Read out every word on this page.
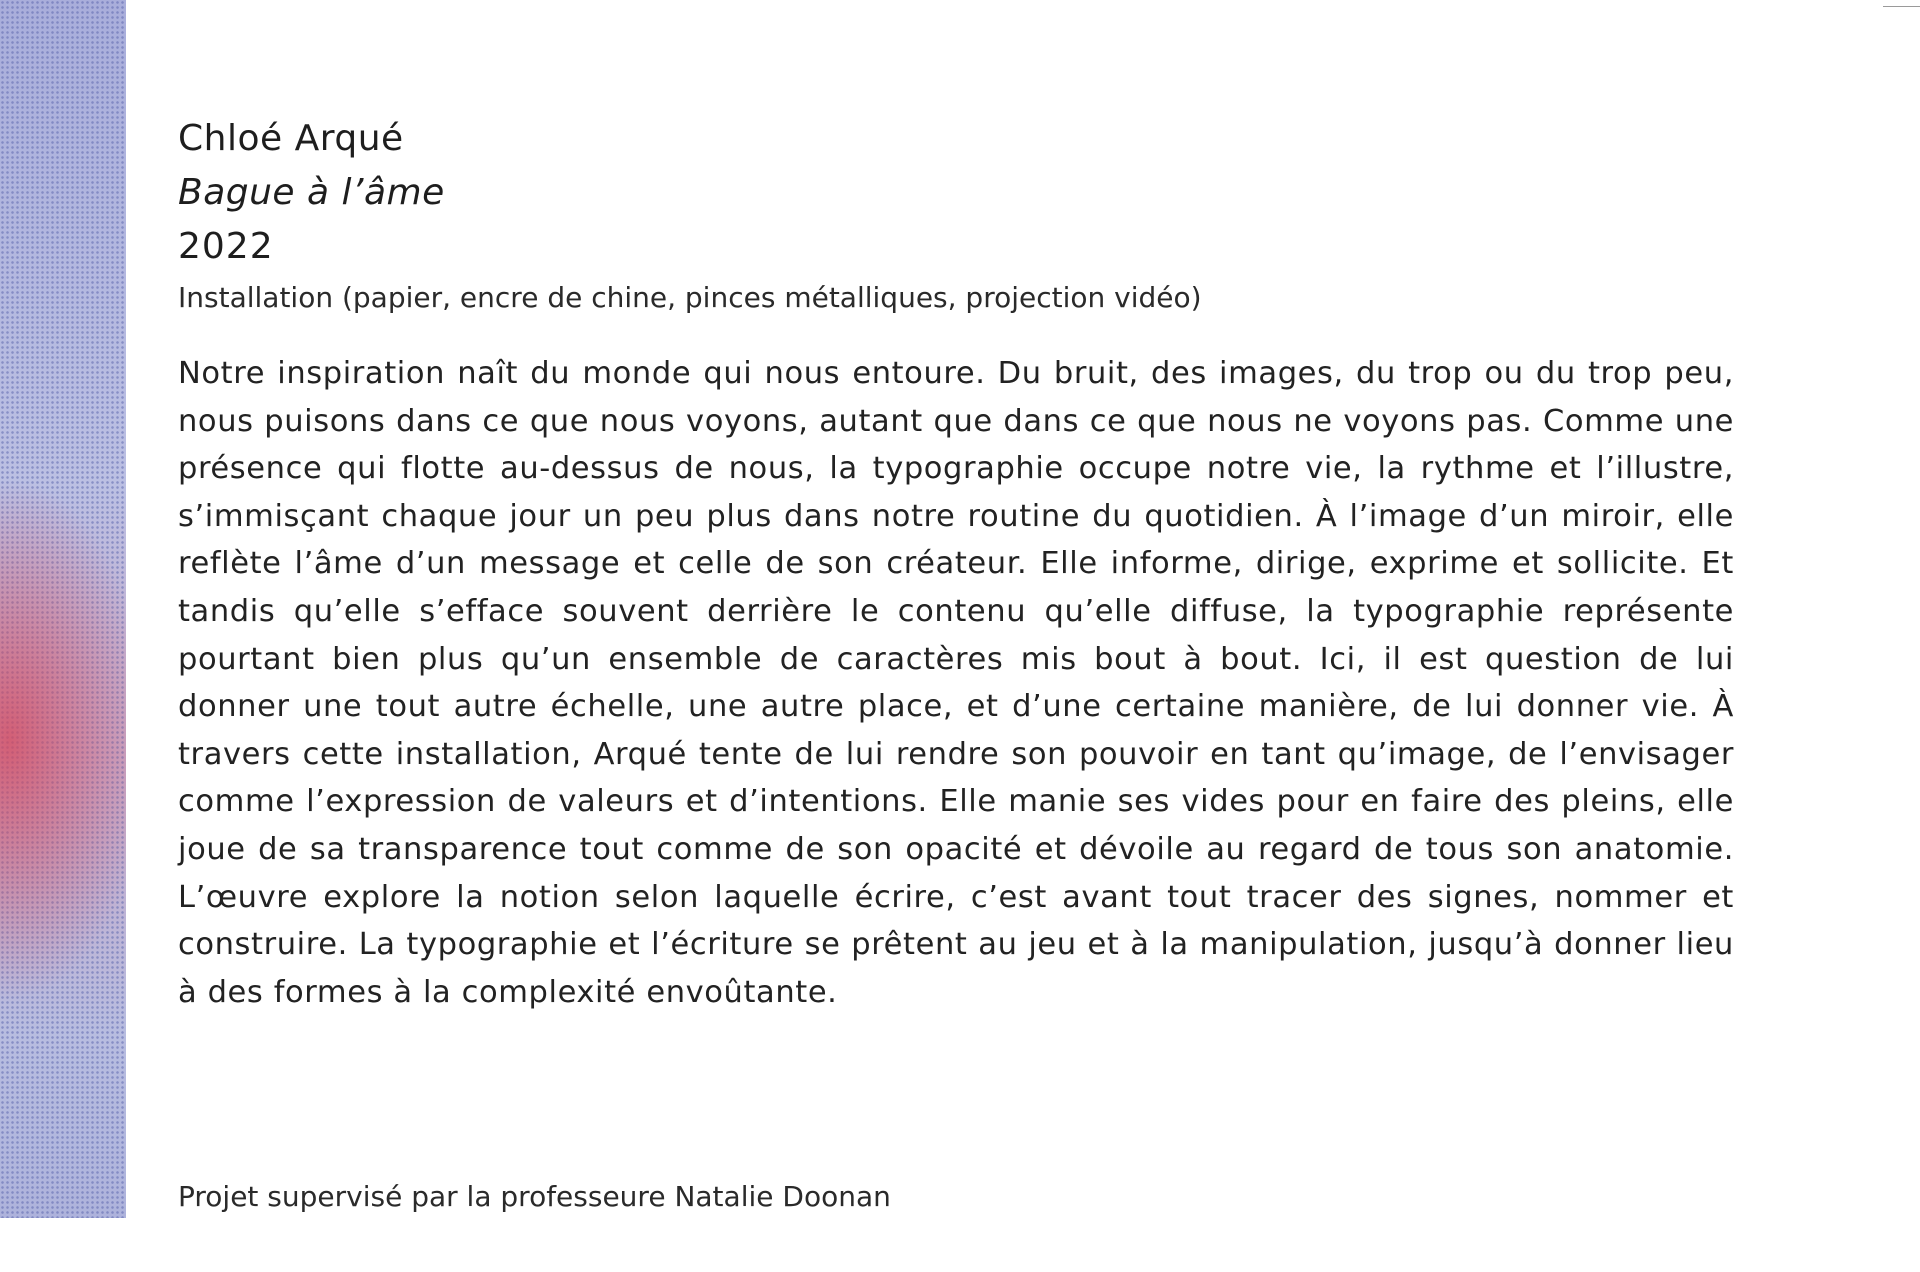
Chloé Arqué
Bague à l’âme
2022
Installation (papier, encre de chine, pinces métalliques, projection vidéo)

Notre inspiration naît du monde qui nous entoure. Du bruit, des images, du trop ou du trop peu, nous puisons dans ce que nous voyons, autant que dans ce que nous ne voyons pas. Comme une présence qui flotte au-dessus de nous, la typographie occupe notre vie, la rythme et l’illustre, s’immisçant chaque jour un peu plus dans notre routine du quotidien. À l’image d’un miroir, elle reflète l’âme d’un message et celle de son créateur. Elle informe, dirige, exprime et sollicite. Et tandis qu’elle s’efface souvent derrière le contenu qu’elle diffuse, la typographie représente pourtant bien plus qu’un ensemble de caractères mis bout à bout. Ici, il est question de lui donner une tout autre échelle, une autre place, et d’une certaine manière, de lui donner vie. À travers cette installation, Arqué tente de lui rendre son pouvoir en tant qu’image, de l’envisager comme l’expression de valeurs et d’intentions. Elle manie ses vides pour en faire des pleins, elle joue de sa transparence tout comme de son opacité et dévoile au regard de tous son anatomie. L’œuvre explore la notion selon laquelle écrire, c’est avant tout tracer des signes, nommer et construire. La typographie et l’écriture se prêtent au jeu et à la manipulation, jusqu’à donner lieu à des formes à la complexité envoûtante.

Projet supervisé par la professeure Natalie Doonan
